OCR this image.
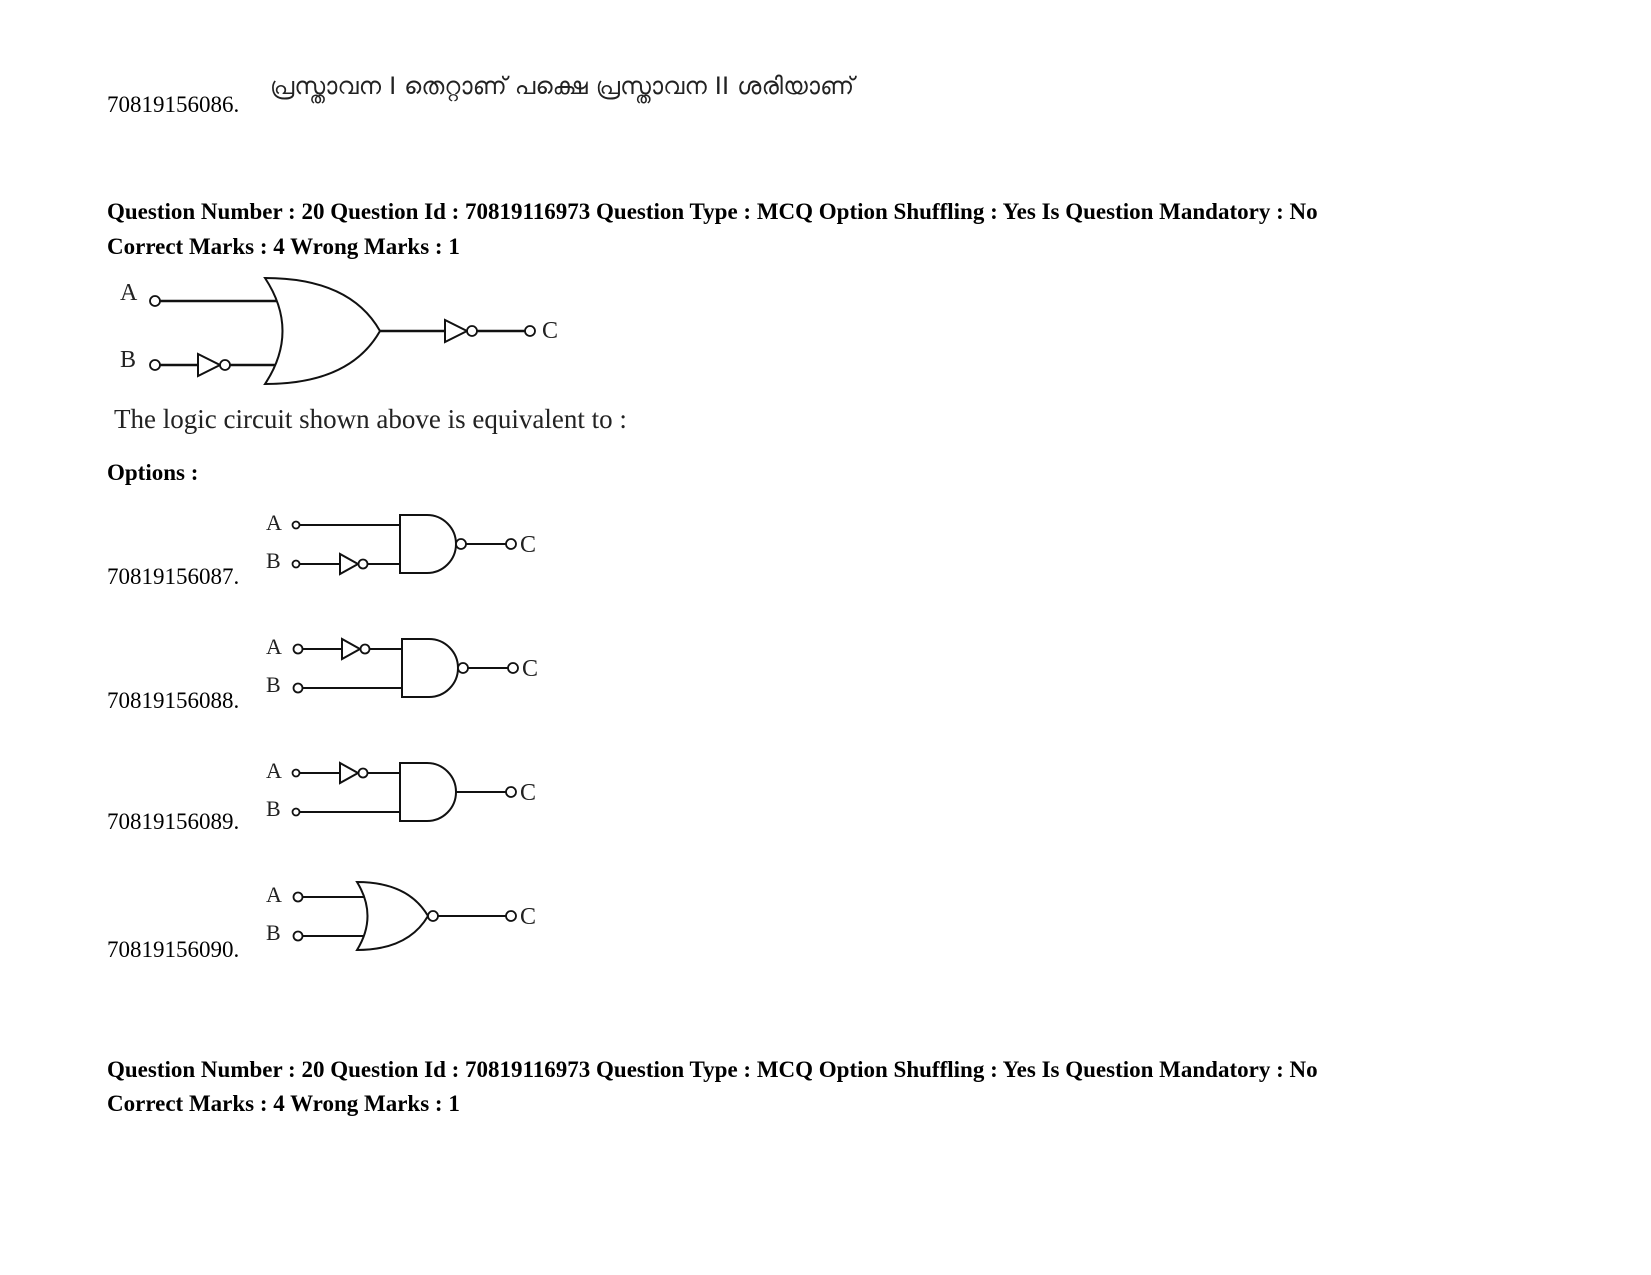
70819156086.
പ്രസ്താവന I തെറ്റാണ് പക്ഷെ പ്രസ്താവന II ശരിയാണ്
Question Number : 20 Question Id : 70819116973 Question Type : MCQ Option Shuffling : Yes Is Question Mandatory : No
Correct Marks : 4 Wrong Marks : 1
A
B
C
The logic circuit shown above is equivalent to :
Options :
70819156087.
A
B
C
70819156088.
A
B
C
70819156089.
A
B
C
70819156090.
A
B
C
Question Number : 20 Question Id : 70819116973 Question Type : MCQ Option Shuffling : Yes Is Question Mandatory : No
Correct Marks : 4 Wrong Marks : 1
